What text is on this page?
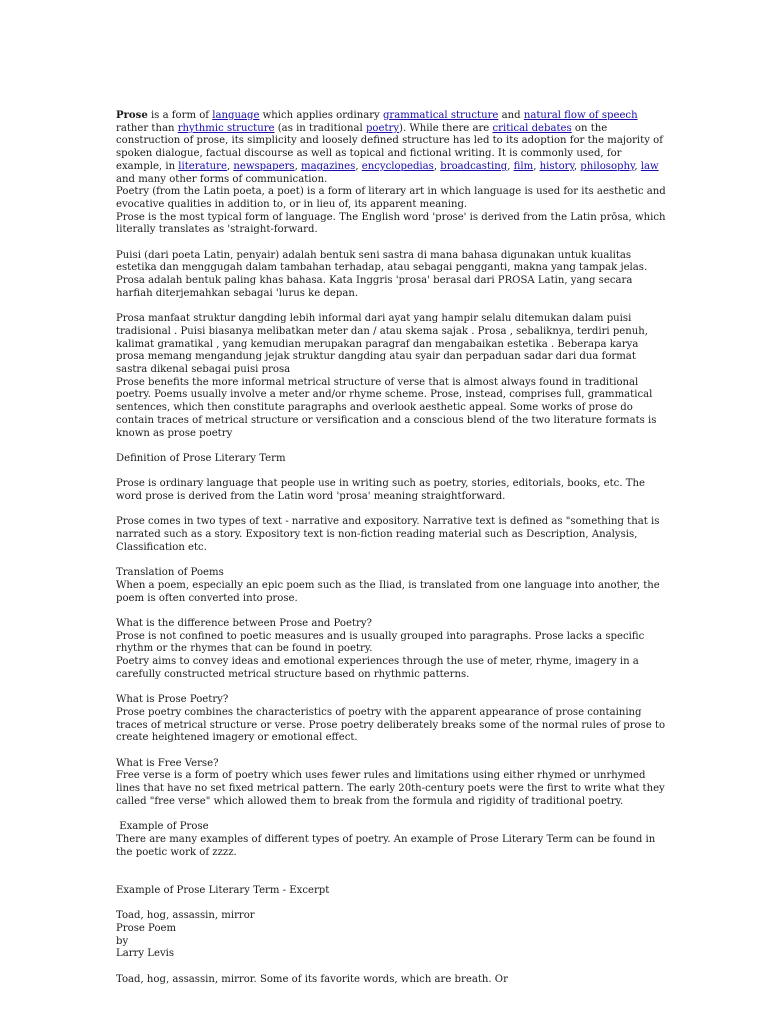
Prose is a form of language which applies ordinary grammatical structure and natural flow of speech rather than rhythmic structure (as in traditional poetry). While there are critical debates on the construction of prose, its simplicity and loosely defined structure has led to its adoption for the majority of spoken dialogue, factual discourse as well as topical and fictional writing. It is commonly used, for example, in literature, newspapers, magazines, encyclopedias, broadcasting, film, history, philosophy, law and many other forms of communication.

Poetry (from the Latin poeta, a poet) is a form of literary art in which language is used for its aesthetic and evocative qualities in addition to, or in lieu of, its apparent meaning.

Prose is the most typical form of language. The English word 'prose' is derived from the Latin prōsa, which literally translates as 'straight-forward.

Puisi (dari poeta Latin, penyair) adalah bentuk seni sastra di mana bahasa digunakan untuk kualitas estetika dan menggugah dalam tambahan terhadap, atau sebagai pengganti, makna yang tampak jelas.

Prosa adalah bentuk paling khas bahasa. Kata Inggris 'prosa' berasal dari PROSA Latin, yang secara harfiah diterjemahkan sebagai 'lurus ke depan.

Prosa manfaat struktur dangding lebih informal dari ayat yang hampir selalu ditemukan dalam puisi tradisional . Puisi biasanya melibatkan meter dan / atau skema sajak . Prosa , sebaliknya, terdiri penuh, kalimat gramatikal , yang kemudian merupakan paragraf dan mengabaikan estetika . Beberapa karya prosa memang mengandung jejak struktur dangding atau syair dan perpaduan sadar dari dua format sastra dikenal sebagai puisi prosa

Prose benefits the more informal metrical structure of verse that is almost always found in traditional poetry. Poems usually involve a meter and/or rhyme scheme. Prose, instead, comprises full, grammatical sentences, which then constitute paragraphs and overlook aesthetic appeal. Some works of prose do contain traces of metrical structure or versification and a conscious blend of the two literature formats is known as prose poetry

Definition of Prose Literary Term

Prose is ordinary language that people use in writing such as poetry, stories, editorials, books, etc. The word prose is derived from the Latin word 'prosa' meaning straightforward.

Prose comes in two types of text - narrative and expository. Narrative text is defined as "something that is narrated such as a story. Expository text is non-fiction reading material such as Description, Analysis, Classification etc.

Translation of Poems

When a poem, especially an epic poem such as the Iliad, is translated from one language into another, the poem is often converted into prose.

What is the difference between Prose and Poetry?

Prose is not confined to poetic measures and is usually grouped into paragraphs. Prose lacks a specific rhythm or the rhymes that can be found in poetry.

Poetry aims to convey ideas and emotional experiences through the use of meter, rhyme, imagery in a carefully constructed metrical structure based on rhythmic patterns.

What is Prose Poetry?

Prose poetry combines the characteristics of poetry with the apparent appearance of prose containing traces of metrical structure or verse. Prose poetry deliberately breaks some of the normal rules of prose to create heightened imagery or emotional effect.

What is Free Verse?

Free verse is a form of poetry which uses fewer rules and limitations using either rhymed or unrhymed lines that have no set fixed metrical pattern. The early 20th-century poets were the first to write what they called "free verse" which allowed them to break from the formula and rigidity of traditional poetry.

Example of Prose

There are many examples of different types of poetry. An example of Prose Literary Term can be found in the poetic work of zzzz.

Example of Prose Literary Term - Excerpt

Toad, hog, assassin, mirror

Prose Poem

by

Larry Levis

Toad, hog, assassin, mirror. Some of its favorite words, which are breath. Or
